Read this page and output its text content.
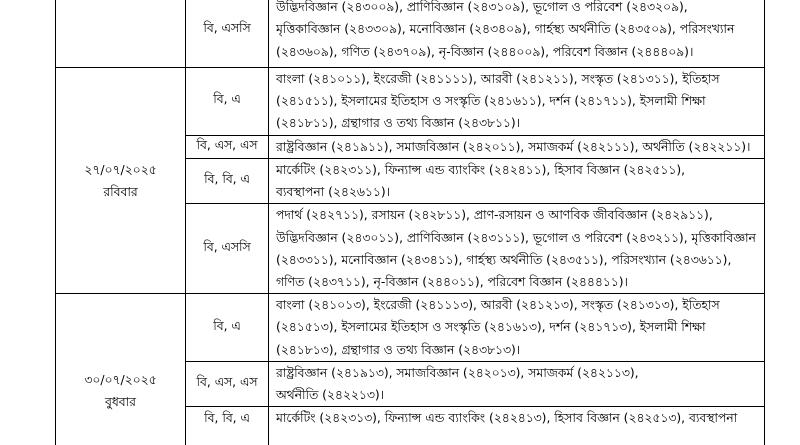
	বি, এসসি	উদ্ভিদবিজ্ঞান (২৪৩০০৯), প্রাণিবিজ্ঞান (২৪৩১০৯), ভূগোল ও পরিবেশ (২৪৩২০৯),
মৃত্তিকাবিজ্ঞান (২৪৩৩০৯), মনোবিজ্ঞান (২৪৩৪০৯), গার্হস্থ্য অর্থনীতি (২৪৩৫০৯), পরিসংখ্যান
(২৪৩৬০৯), গণিত (২৪৩৭০৯), নৃ-বিজ্ঞান (২৪৪০০৯), পরিবেশ বিজ্ঞান (২৪৪৪০৯)।

২৭/০৭/২০২৫
রবিবার	বি, এ	বাংলা (২৪১০১১), ইংরেজী (২৪১১১১), আরবী (২৪১২১১), সংস্কৃত (২৪১৩১১), ইতিহাস
(২৪১৫১১), ইসলামের ইতিহাস ও সংস্কৃতি (২৪১৬১১), দর্শন (২৪১৭১১), ইসলামী শিক্ষা
(২৪১৮১১), গ্রন্থাগার ও তথ্য বিজ্ঞান (২৪৩৮১১)।

	বি, এস, এস	রাষ্ট্রবিজ্ঞান (২৪১৯১১), সমাজবিজ্ঞান (২৪২০১১), সমাজকর্ম (২৪২১১১), অর্থনীতি (২৪২২১১)।

	বি, বি, এ	মার্কেটিং (২৪২৩১১), ফিন্যান্স এন্ড ব্যাংকিং (২৪২৪১১), হিসাব বিজ্ঞান (২৪২৫১১),
ব্যবস্থাপনা (২৪২৬১১)।

	বি, এসসি	পদার্থ (২৪২৭১১), রসায়ন (২৪২৮১১), প্রাণ-রসায়ন ও আণবিক জীববিজ্ঞান (২৪২৯১১),
উদ্ভিদবিজ্ঞান (২৪৩০১১), প্রাণিবিজ্ঞান (২৪৩১১১), ভূগোল ও পরিবেশ (২৪৩২১১), মৃত্তিকাবিজ্ঞান
(২৪৩৩১১), মনোবিজ্ঞান (২৪৩৪১১), গার্হস্থ্য অর্থনীতি (২৪৩৫১১), পরিসংখ্যান (২৪৩৬১১),
গণিত (২৪৩৭১১), নৃ-বিজ্ঞান (২৪৪০১১), পরিবেশ বিজ্ঞান (২৪৪৪১১)।

৩০/০৭/২০২৫
বুধবার	বি, এ	বাংলা (২৪১০১৩), ইংরেজী (২৪১১১৩), আরবী (২৪১২১৩), সংস্কৃত (২৪১৩১৩), ইতিহাস
(২৪১৫১৩), ইসলামের ইতিহাস ও সংস্কৃতি (২৪১৬১৩), দর্শন (২৪১৭১৩), ইসলামী শিক্ষা
(২৪১৮১৩), গ্রন্থাগার ও তথ্য বিজ্ঞান (২৪৩৮১৩)।

	বি, এস, এস	রাষ্ট্রবিজ্ঞান (২৪১৯১৩), সমাজবিজ্ঞান (২৪২০১৩), সমাজকর্ম (২৪২১১৩),
অর্থনীতি (২৪২২১৩)।

	বি, বি, এ	মার্কেটিং (২৪২৩১৩), ফিন্যান্স এন্ড ব্যাংকিং (২৪২৪১৩), হিসাব বিজ্ঞান (২৪২৫১৩), ব্যবস্থাপনা
